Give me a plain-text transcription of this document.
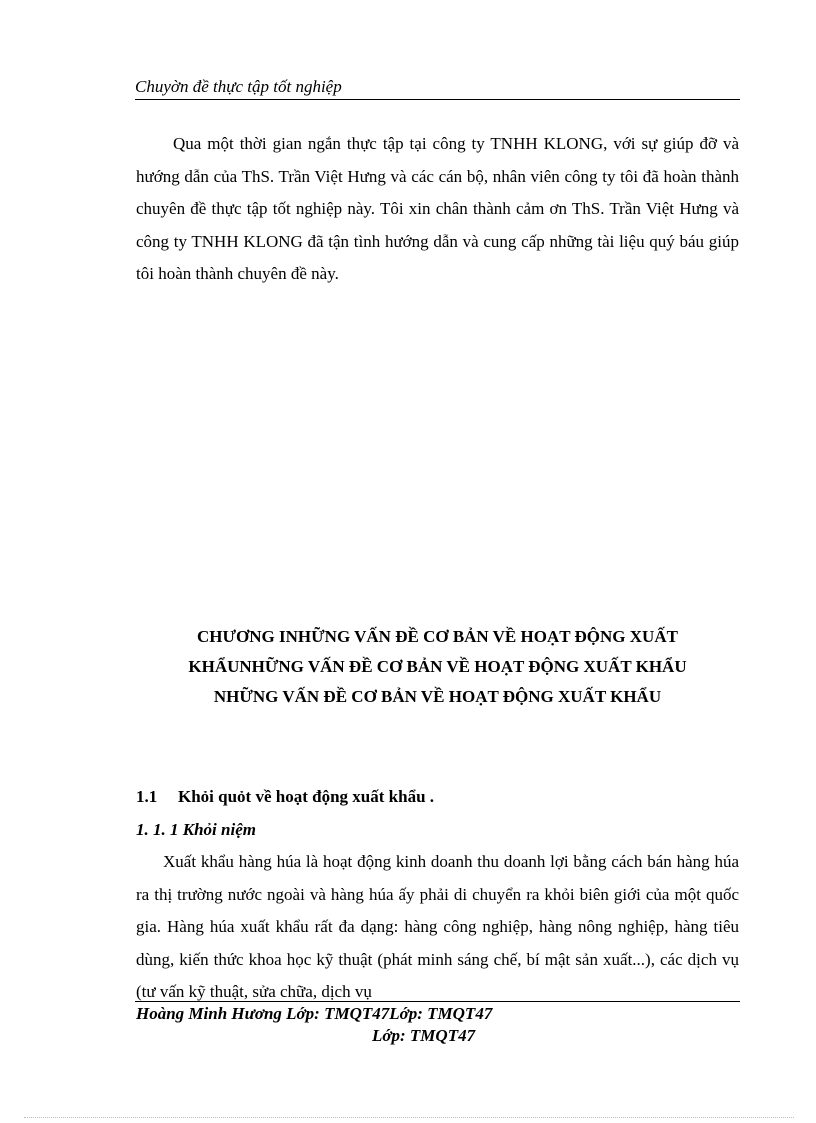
Chuyờn đề thực tập tốt nghiệp

Qua một thời gian ngắn thực tập tại công ty TNHH KLONG, với sự giúp đỡ và hướng dẫn của ThS. Trần Việt Hưng và các cán bộ, nhân viên công ty tôi đã hoàn thành chuyên đề thực tập tốt nghiệp này. Tôi xin chân thành cảm ơn ThS. Trần Việt Hưng và công ty TNHH KLONG đã tận tình hướng dẫn và cung cấp những tài liệu quý báu giúp tôi hoàn thành chuyên đề này.

CHƯƠNG INHỮNG VẤN ĐỀ CƠ BẢN VỀ HOẠT ĐỘNG XUẤT
KHẨUNHỮNG VẤN ĐỀ CƠ BẢN VỀ HOẠT ĐỘNG XUẤT KHẨU
NHỮNG VẤN ĐỀ CƠ BẢN VỀ HOẠT ĐỘNG XUẤT KHẨU
1.1 Khỏi quỏt về hoạt động xuất khẩu .
1. 1. 1 Khỏi niệm

Xuất khẩu hàng húa là hoạt động kinh doanh thu doanh lợi bằng cách bán hàng húa ra thị trường nước ngoài và hàng húa ấy phải di chuyển ra khỏi biên giới của một quốc gia. Hàng húa xuất khẩu rất đa dạng: hàng công nghiệp, hàng nông nghiệp, hàng tiêu dùng, kiến thức khoa học kỹ thuật (phát minh sáng chế, bí mật sản xuất...), các dịch vụ (tư vấn kỹ thuật, sửa chữa, dịch vụ

Hoàng Minh Hương Lớp: TMQT47Lớp: TMQT47
Lớp: TMQT47
